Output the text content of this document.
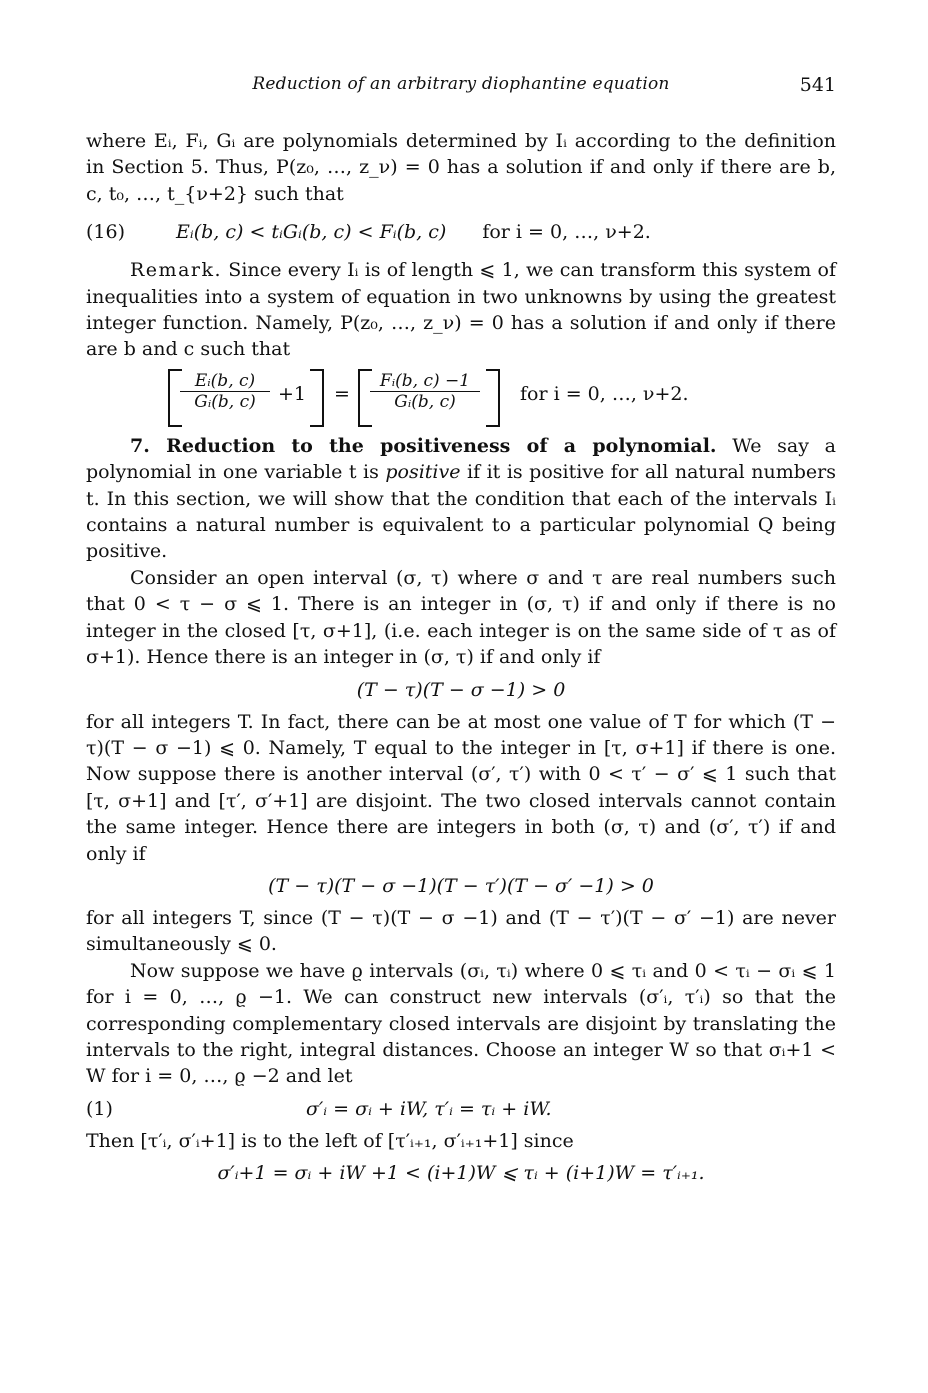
Reduction of an arbitrary diophantine equation	541

where Eᵢ, Fᵢ, Gᵢ are polynomials determined by Iᵢ according to the definition in Section 5. Thus, P(z₀, …, z_ν) = 0 has a solution if and only if there are b, c, t₀, …, t_{ν+2} such that

(16)	Eᵢ(b, c) < tᵢGᵢ(b, c) < Fᵢ(b, c) for i = 0, …, ν+2.

Remark. Since every Iᵢ is of length ⩽ 1, we can transform this system of inequalities into a system of equation in two unknowns by using the greatest integer function. Namely, P(z₀, …, z_ν) = 0 has a solution if and only if there are b and c such that

$\frac{\text{Eᵢ(b, c)}}{\text{Gᵢ(b, c)}} +1 = \frac{\text{Fᵢ(b, c) −1}}{\text{Gᵢ(b, c)}}$ for i = 0, …, ν+2.

7. Reduction to the positiveness of a polynomial. We say a polynomial in one variable t is positive if it is positive for all natural numbers t. In this section, we will show that the condition that each of the intervals Iᵢ contains a natural number is equivalent to a particular polynomial Q being positive.

Consider an open interval (σ, τ) where σ and τ are real numbers such that 0 < τ − σ ⩽ 1. There is an integer in (σ, τ) if and only if there is no integer in the closed [τ, σ+1], (i.e. each integer is on the same side of τ as of σ+1). Hence there is an integer in (σ, τ) if and only if

(T − τ)(T − σ −1) > 0

for all integers T. In fact, there can be at most one value of T for which (T − τ)(T − σ −1) ⩽ 0. Namely, T equal to the integer in [τ, σ+1] if there is one. Now suppose there is another interval (σ′, τ′) with 0 < τ′ − σ′ ⩽ 1 such that [τ, σ+1] and [τ′, σ′+1] are disjoint. The two closed intervals cannot contain the same integer. Hence there are integers in both (σ, τ) and (σ′, τ′) if and only if

(T − τ)(T − σ −1)(T − τ′)(T − σ′ −1) > 0

for all integers T, since (T − τ)(T − σ −1) and (T − τ′)(T − σ′ −1) are never simultaneously ⩽ 0.

Now suppose we have ϱ intervals (σᵢ, τᵢ) where 0 ⩽ τᵢ and 0 < τᵢ − σᵢ ⩽ 1 for i = 0, …, ϱ −1. We can construct new intervals (σ′ᵢ, τ′ᵢ) so that the corresponding complementary closed intervals are disjoint by translating the intervals to the right, integral distances. Choose an integer W so that σᵢ+1 < W for i = 0, …, ϱ −2 and let

(1)	σ′ᵢ = σᵢ + iW, τ′ᵢ = τᵢ + iW.

Then [τ′ᵢ, σ′ᵢ+1] is to the left of [τ′ᵢ₊₁, σ′ᵢ₊₁+1] since

σ′ᵢ+1 = σᵢ + iW +1 < (i+1)W ⩽ τᵢ + (i+1)W = τ′ᵢ₊₁.
